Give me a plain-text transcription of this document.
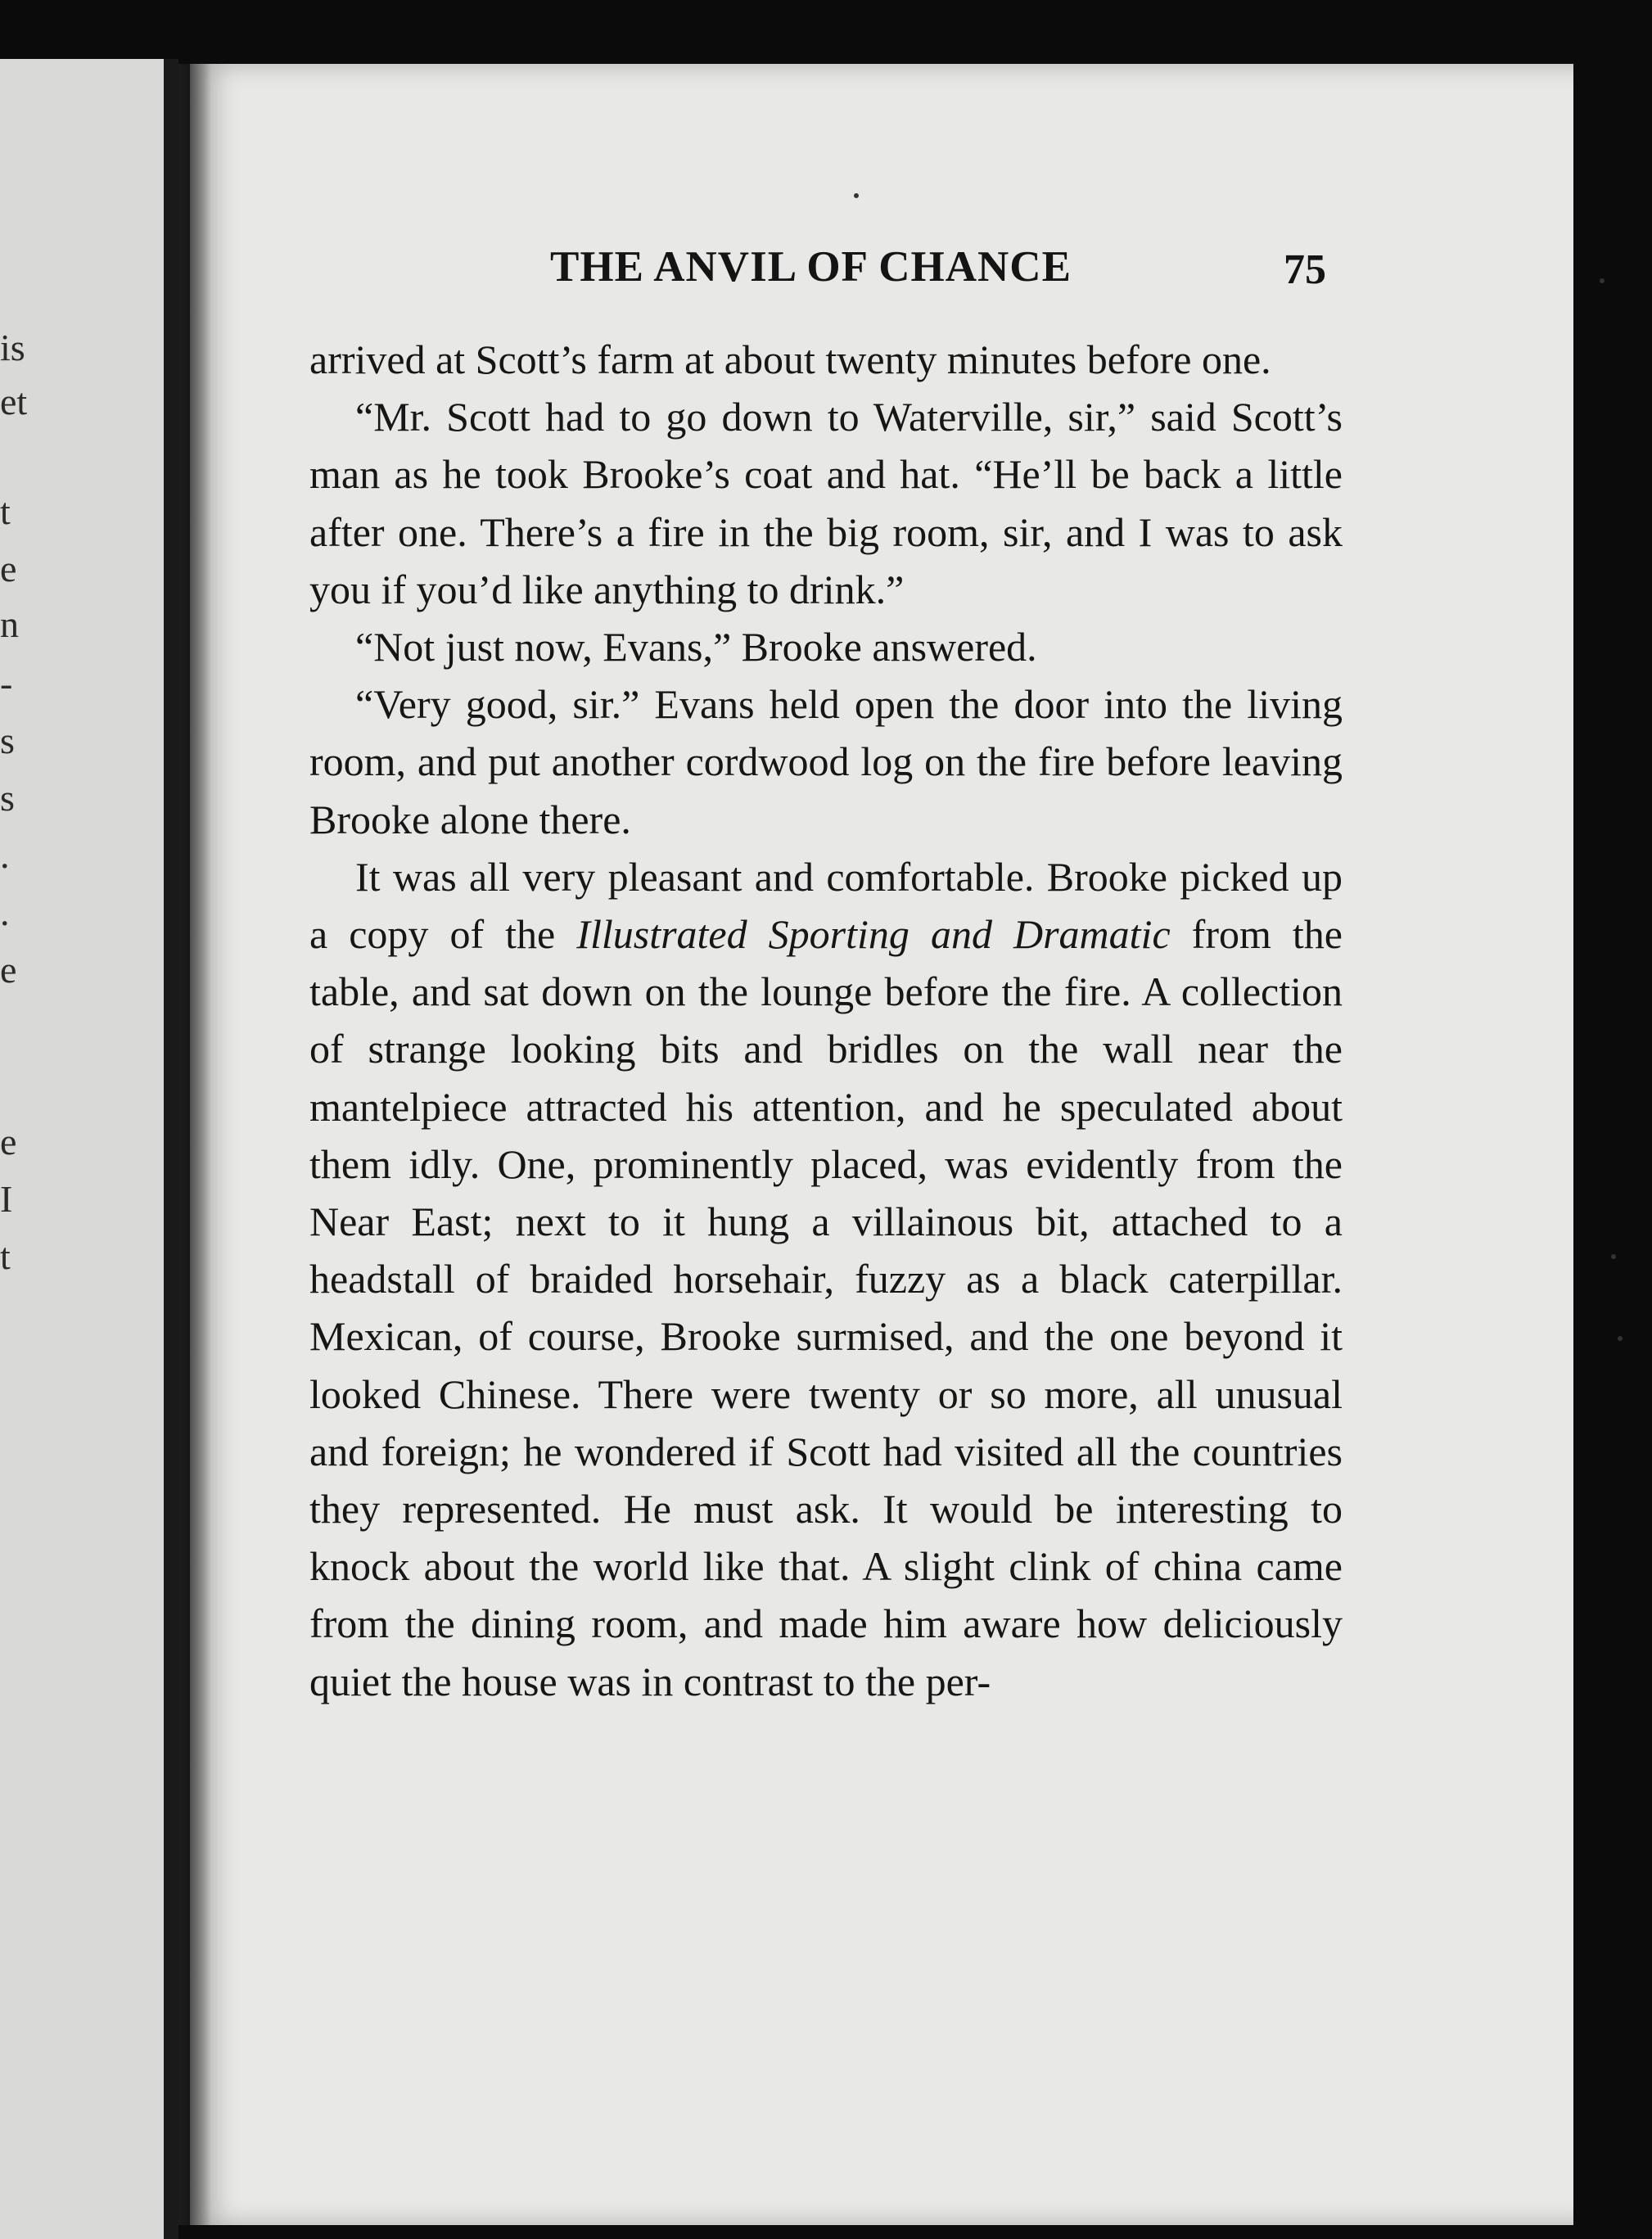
is
et
t
e
n
-
s
s
.
.
e
e
I
t
THE ANVIL OF CHANCE	75

arrived at Scott’s farm at about twenty minutes before one.

“Mr. Scott had to go down to Waterville, sir,” said Scott’s man as he took Brooke’s coat and hat. “He’ll be back a little after one. There’s a fire in the big room, sir, and I was to ask you if you’d like anything to drink.”

“Not just now, Evans,” Brooke answered.

“Very good, sir.” Evans held open the door into the living room, and put another cordwood log on the fire before leaving Brooke alone there.

It was all very pleasant and comfortable. Brooke picked up a copy of the Illustrated Sporting and Dramatic from the table, and sat down on the lounge before the fire. A collection of strange looking bits and bridles on the wall near the mantelpiece attracted his attention, and he speculated about them idly. One, prominently placed, was evidently from the Near East; next to it hung a villainous bit, attached to a headstall of braided horsehair, fuzzy as a black caterpillar. Mexican, of course, Brooke surmised, and the one beyond it looked Chinese. There were twenty or so more, all unusual and foreign; he wondered if Scott had visited all the countries they represented. He must ask. It would be interesting to knock about the world like that. A slight clink of china came from the dining room, and made him aware how deliciously quiet the house was in contrast to the per-
